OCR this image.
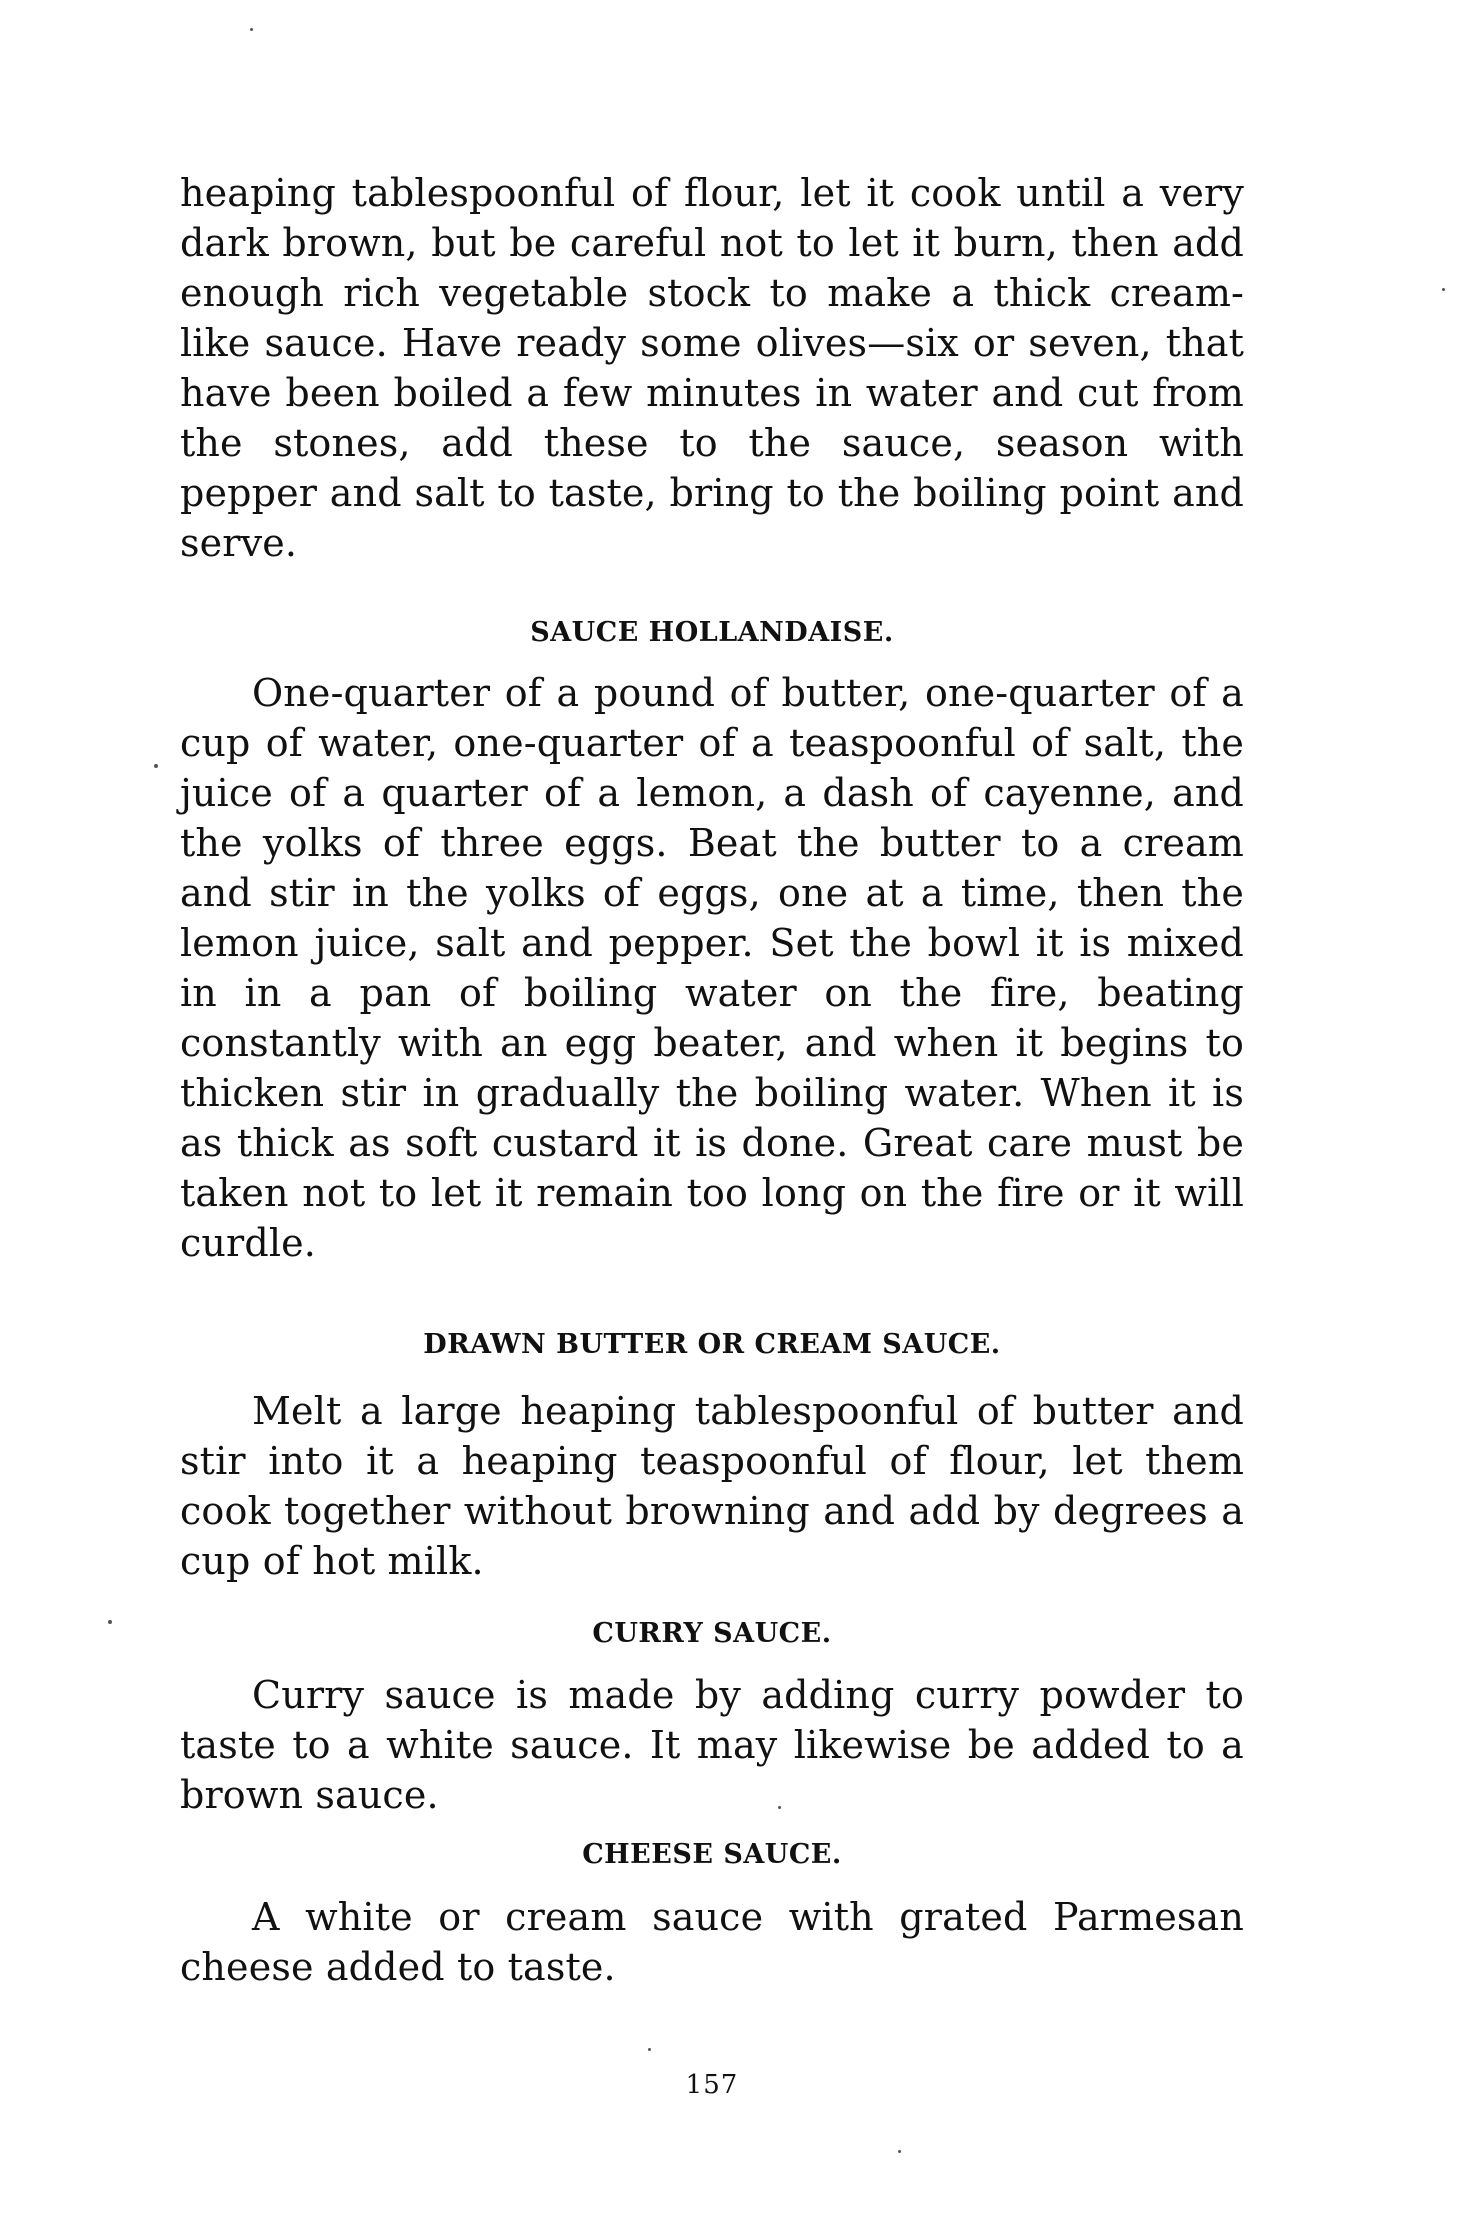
heaping tablespoonful of flour, let it cook until a very dark brown, but be careful not to let it burn, then add enough rich vegetable stock to make a thick cream-like sauce. Have ready some olives—six or seven, that have been boiled a few minutes in water and cut from the stones, add these to the sauce, season with pepper and salt to taste, bring to the boiling point and serve.

SAUCE HOLLANDAISE.

One-quarter of a pound of butter, one-quarter of a cup of water, one-quarter of a teaspoonful of salt, the juice of a quarter of a lemon, a dash of cayenne, and the yolks of three eggs. Beat the butter to a cream and stir in the yolks of eggs, one at a time, then the lemon juice, salt and pepper. Set the bowl it is mixed in in a pan of boiling water on the fire, beating constantly with an egg beater, and when it begins to thicken stir in gradually the boiling water. When it is as thick as soft custard it is done. Great care must be taken not to let it remain too long on the fire or it will curdle.

DRAWN BUTTER OR CREAM SAUCE.

Melt a large heaping tablespoonful of butter and stir into it a heaping teaspoonful of flour, let them cook together without browning and add by degrees a cup of hot milk.

CURRY SAUCE.

Curry sauce is made by adding curry powder to taste to a white sauce. It may likewise be added to a brown sauce.

CHEESE SAUCE.

A white or cream sauce with grated Parmesan cheese added to taste.

157
